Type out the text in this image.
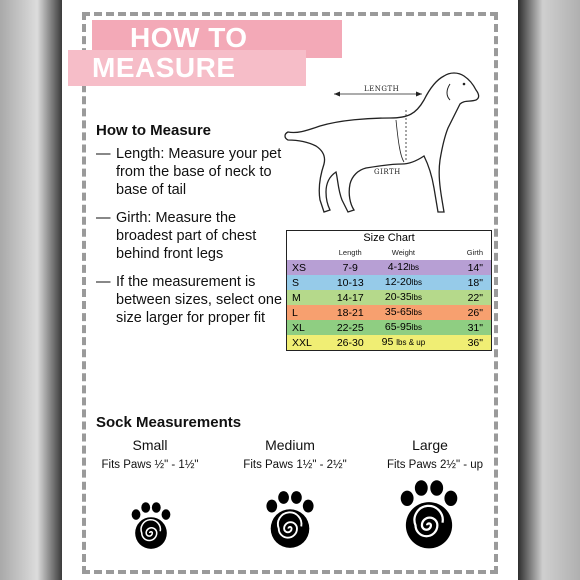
HOW TO
MEASURE
How to Measure
— Length: Measure your pet from the base of neck to base of tail
— Girth: Measure the broadest part of chest behind front legs
— If the measurement is between sizes, select one size larger for proper fit
LENGTH
GIRTH
Size Chart			
	Length	Weight	Girth
XS	7-9	4-12lbs	14"
S	10-13	12-20lbs	18"
M	14-17	20-35lbs	22"
L	18-21	35-65lbs	26"
XL	22-25	65-95lbs	31"
XXL	26-30	95 lbs & up	36"
Sock Measurements
Small	Medium	Large
Fits Paws ½" - 1½"	Fits Paws 1½" - 2½"	Fits Paws 2½" - up
